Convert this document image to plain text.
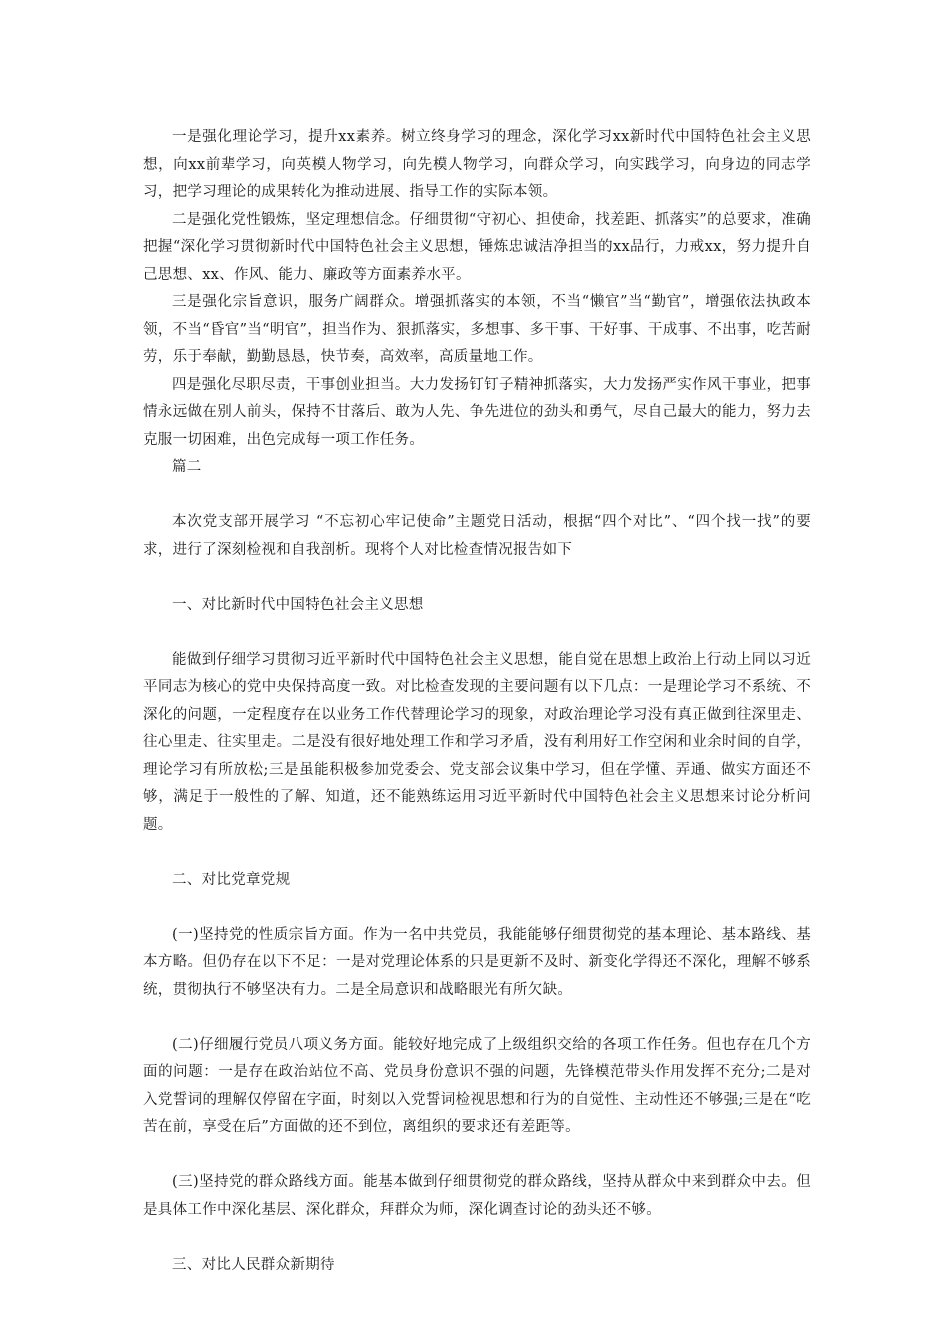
一是强化理论学习，提升xx素养。树立终身学习的理念，深化学习xx新时代中国特色社会主义思想，向xx前辈学习，向英模人物学习，向先模人物学习，向群众学习，向实践学习，向身边的同志学习，把学习理论的成果转化为推动进展、指导工作的实际本领。

二是强化党性锻炼，坚定理想信念。仔细贯彻“守初心、担使命，找差距、抓落实”的总要求，准确把握“深化学习贯彻新时代中国特色社会主义思想，锤炼忠诚洁净担当的xx品行，力戒xx，努力提升自己思想、xx、作风、能力、廉政等方面素养水平。

三是强化宗旨意识，服务广阔群众。增强抓落实的本领，不当“懒官”当“勤官”，增强依法执政本领，不当“昏官”当“明官”，担当作为、狠抓落实，多想事、多干事、干好事、干成事、不出事，吃苦耐劳，乐于奉献，勤勤恳恳，快节奏，高效率，高质量地工作。

四是强化尽职尽责，干事创业担当。大力发扬钉钉子精神抓落实，大力发扬严实作风干事业，把事情永远做在别人前头，保持不甘落后、敢为人先、争先进位的劲头和勇气，尽自己最大的能力，努力去克服一切困难，出色完成每一项工作任务。

篇二

本次党支部开展学习 “不忘初心牢记使命”主题党日活动，根据“四个对比”、“四个找一找”的要求，进行了深刻检视和自我剖析。现将个人对比检查情况报告如下

一、对比新时代中国特色社会主义思想

能做到仔细学习贯彻习近平新时代中国特色社会主义思想，能自觉在思想上政治上行动上同以习近平同志为核心的党中央保持高度一致。对比检查发现的主要问题有以下几点：一是理论学习不系统、不深化的问题，一定程度存在以业务工作代替理论学习的现象，对政治理论学习没有真正做到往深里走、往心里走、往实里走。二是没有很好地处理工作和学习矛盾，没有利用好工作空闲和业余时间的自学，理论学习有所放松;三是虽能积极参加党委会、党支部会议集中学习，但在学懂、弄通、做实方面还不够，满足于一般性的了解、知道，还不能熟练运用习近平新时代中国特色社会主义思想来讨论分析问题。

二、对比党章党规

(一)坚持党的性质宗旨方面。作为一名中共党员，我能能够仔细贯彻党的基本理论、基本路线、基本方略。但仍存在以下不足：一是对党理论体系的只是更新不及时、新变化学得还不深化，理解不够系统，贯彻执行不够坚决有力。二是全局意识和战略眼光有所欠缺。

(二)仔细履行党员八项义务方面。能较好地完成了上级组织交给的各项工作任务。但也存在几个方面的问题：一是存在政治站位不高、党员身份意识不强的问题，先锋模范带头作用发挥不充分;二是对入党誓词的理解仅停留在字面，时刻以入党誓词检视思想和行为的自觉性、主动性还不够强;三是在“吃苦在前，享受在后”方面做的还不到位，离组织的要求还有差距等。

(三)坚持党的群众路线方面。能基本做到仔细贯彻党的群众路线，坚持从群众中来到群众中去。但是具体工作中深化基层、深化群众，拜群众为师，深化调查讨论的劲头还不够。

三、对比人民群众新期待
